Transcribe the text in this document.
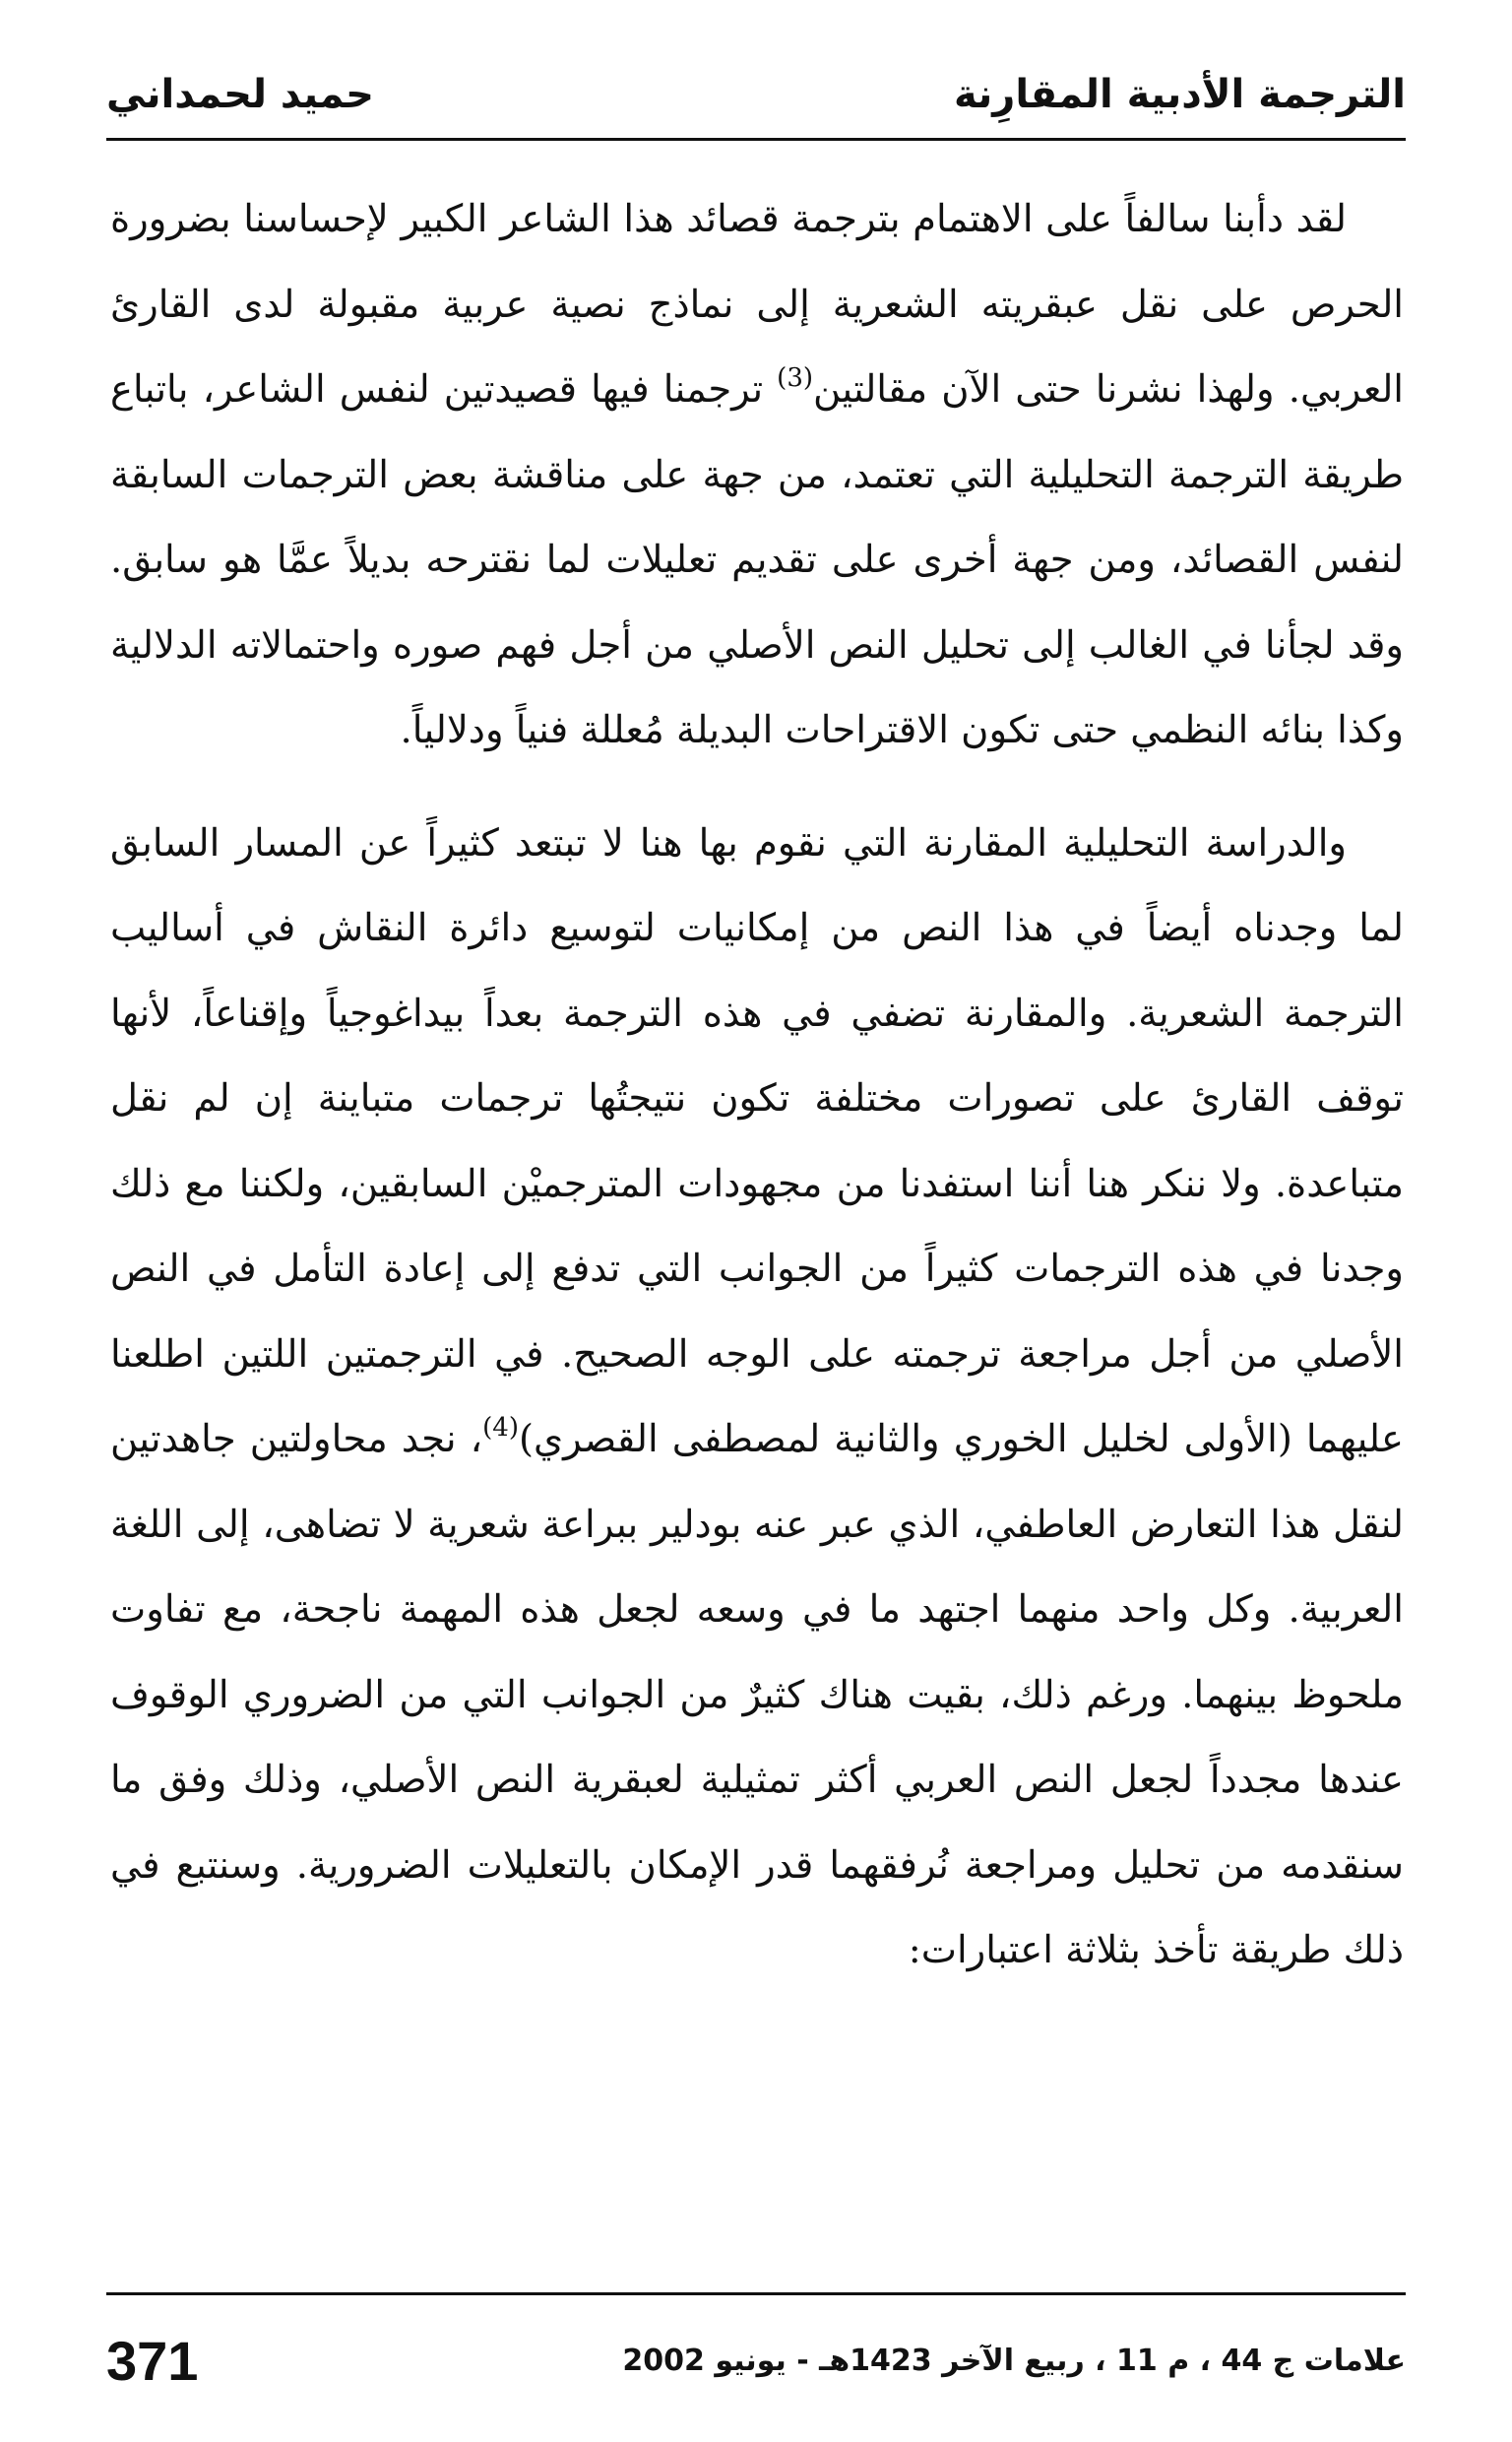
الترجمة الأدبية المقارِنة
حميد لحمداني

لقد دأبنا سالفاً على الاهتمام بترجمة قصائد هذا الشاعر الكبير لإحساسنا بضرورة الحرص على نقل عبقريته الشعرية إلى نماذج نصية عربية مقبولة لدى القارئ العربي. ولهذا نشرنا حتى الآن مقالتين$^{(3)}$ ترجمنا فيها قصيدتين لنفس الشاعر، باتباع طريقة الترجمة التحليلية التي تعتمد، من جهة على مناقشة بعض الترجمات السابقة لنفس القصائد، ومن جهة أخرى على تقديم تعليلات لما نقترحه بديلاً عمَّا هو سابق. وقد لجأنا في الغالب إلى تحليل النص الأصلي من أجل فهم صوره واحتمالاته الدلالية وكذا بنائه النظمي حتى تكون الاقتراحات البديلة مُعللة فنياً ودلالياً.

والدراسة التحليلية المقارنة التي نقوم بها هنا لا تبتعد كثيراً عن المسار السابق لما وجدناه أيضاً في هذا النص من إمكانيات لتوسيع دائرة النقاش في أساليب الترجمة الشعرية. والمقارنة تضفي في هذه الترجمة بعداً بيداغوجياً وإقناعاً، لأنها توقف القارئ على تصورات مختلفة تكون نتيجتُها ترجمات متباينة إن لم نقل متباعدة. ولا ننكر هنا أننا استفدنا من مجهودات المترجميْن السابقين، ولكننا مع ذلك وجدنا في هذه الترجمات كثيراً من الجوانب التي تدفع إلى إعادة التأمل في النص الأصلي من أجل مراجعة ترجمته على الوجه الصحيح. في الترجمتين اللتين اطلعنا عليهما (الأولى لخليل الخوري والثانية لمصطفى القصري)$^{(4)}$، نجد محاولتين جاهدتين لنقل هذا التعارض العاطفي، الذي عبر عنه بودلير ببراعة شعرية لا تضاهى، إلى اللغة العربية. وكل واحد منهما اجتهد ما في وسعه لجعل هذه المهمة ناجحة، مع تفاوت ملحوظ بينهما. ورغم ذلك، بقيت هناك كثيرٌ من الجوانب التي من الضروري الوقوف عندها مجدداً لجعل النص العربي أكثر تمثيلية لعبقرية النص الأصلي، وذلك وفق ما سنقدمه من تحليل ومراجعة نُرفقهما قدر الإمكان بالتعليلات الضرورية. وسنتبع في ذلك طريقة تأخذ بثلاثة اعتبارات:

371	علامات ج 44 ، م 11 ، ربيع الآخر 1423هـ - يونيو 2002
